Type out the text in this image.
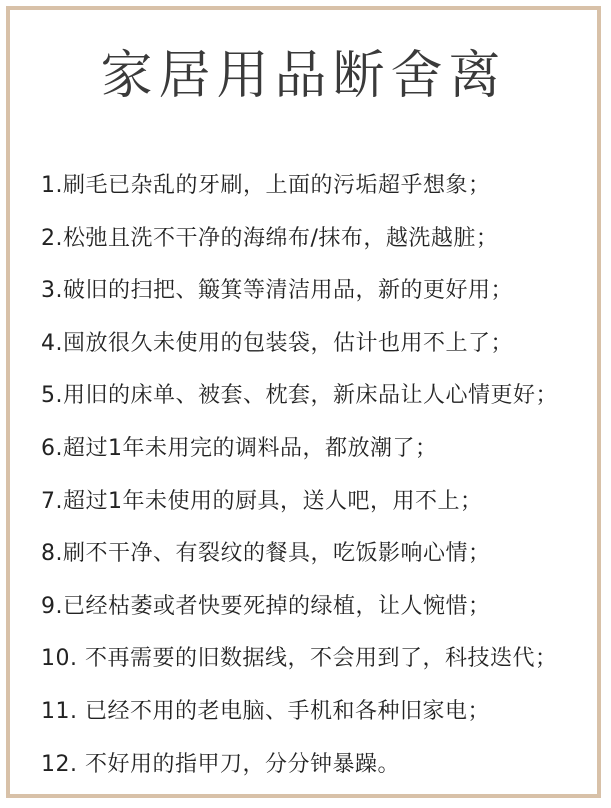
家居用品断舍离
1.刷毛已杂乱的牙刷，上面的污垢超乎想象；
2.松弛且洗不干净的海绵布/抹布，越洗越脏；
3.破旧的扫把、簸箕等清洁用品，新的更好用；
4.囤放很久未使用的包装袋，估计也用不上了；
5.用旧的床单、被套、枕套，新床品让人心情更好；
6.超过1年未用完的调料品，都放潮了；
7.超过1年未使用的厨具，送人吧，用不上；
8.刷不干净、有裂纹的餐具，吃饭影响心情；
9.已经枯萎或者快要死掉的绿植，让人惋惜；
10. 不再需要的旧数据线，不会用到了，科技迭代；
11. 已经不用的老电脑、手机和各种旧家电；
12. 不好用的指甲刀，分分钟暴躁。
